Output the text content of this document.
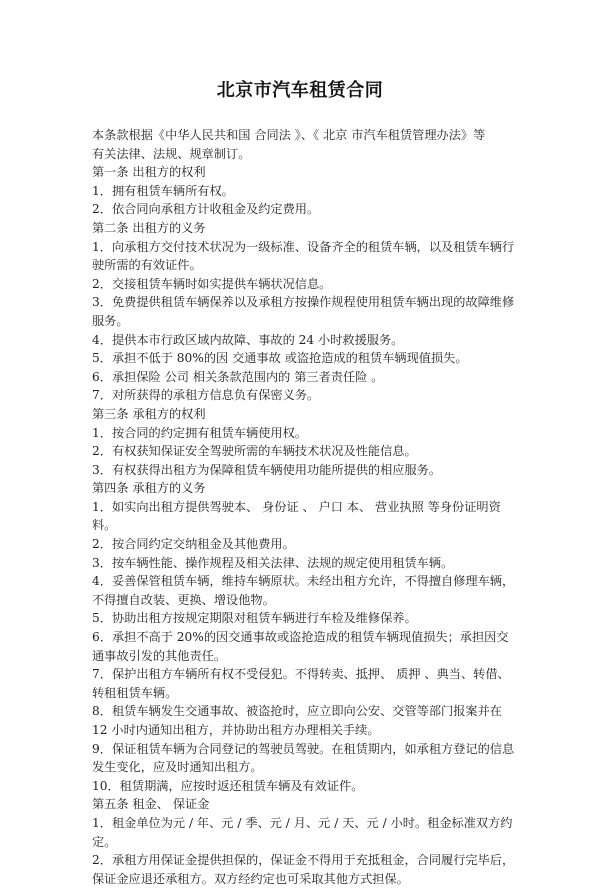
北京市汽车租赁合同
本条款根据《中华人民共和国 合同法 》、《 北京 市汽车租赁管理办法》等
有关法律、法规、规章制订。
第一条 出租方的权利
1．拥有租赁车辆所有权。
2．依合同向承租方计收租金及约定费用。
第二条 出租方的义务
1．向承租方交付技术状况为一级标准、设备齐全的租赁车辆，以及租赁车辆行
驶所需的有效证件。
2．交接租赁车辆时如实提供车辆状况信息。
3．免费提供租赁车辆保养以及承租方按操作规程使用租赁车辆出现的故障维修
服务。
4．提供本市行政区域内故障、事故的 24 小时救援服务。
5．承担不低于 80%的因 交通事故 或盗抢造成的租赁车辆现值损失。
6．承担保险 公司 相关条款范围内的 第三者责任险 。
7．对所获得的承租方信息负有保密义务。
第三条 承租方的权利
1．按合同的约定拥有租赁车辆使用权。
2．有权获知保证安全驾驶所需的车辆技术状况及性能信息。
3．有权获得出租方为保障租赁车辆使用功能所提供的相应服务。
第四条 承租方的义务
1．如实向出租方提供驾驶本、 身份证 、 户口 本、 营业执照 等身份证明资
料。
2．按合同约定交纳租金及其他费用。
3．按车辆性能、操作规程及相关法律、法规的规定使用租赁车辆。
4．妥善保管租赁车辆，维持车辆原状。未经出租方允许，不得擅自修理车辆，
不得擅自改装、更换、增设他物。
5．协助出租方按规定期限对租赁车辆进行车检及维修保养。
6．承担不高于 20%的因交通事故或盗抢造成的租赁车辆现值损失；承担因交
通事故引发的其他责任。
7．保护出租方车辆所有权不受侵犯。不得转卖、抵押、 质押 、典当、转借、
转租租赁车辆。
8．租赁车辆发生交通事故、被盗抢时，应立即向公安、交管等部门报案并在
12 小时内通知出租方，并协助出租方办理相关手续。
9．保证租赁车辆为合同登记的驾驶员驾驶。在租赁期内，如承租方登记的信息
发生变化，应及时通知出租方。
10．租赁期满，应按时返还租赁车辆及有效证件。
第五条 租金、 保证金
1．租金单位为元 / 年、元 / 季、元 / 月、元 / 天、元 / 小时。租金标准双方约
定。
2．承租方用保证金提供担保的，保证金不得用于充抵租金，合同履行完毕后，
保证金应退还承租方。双方经约定也可采取其他方式担保。
